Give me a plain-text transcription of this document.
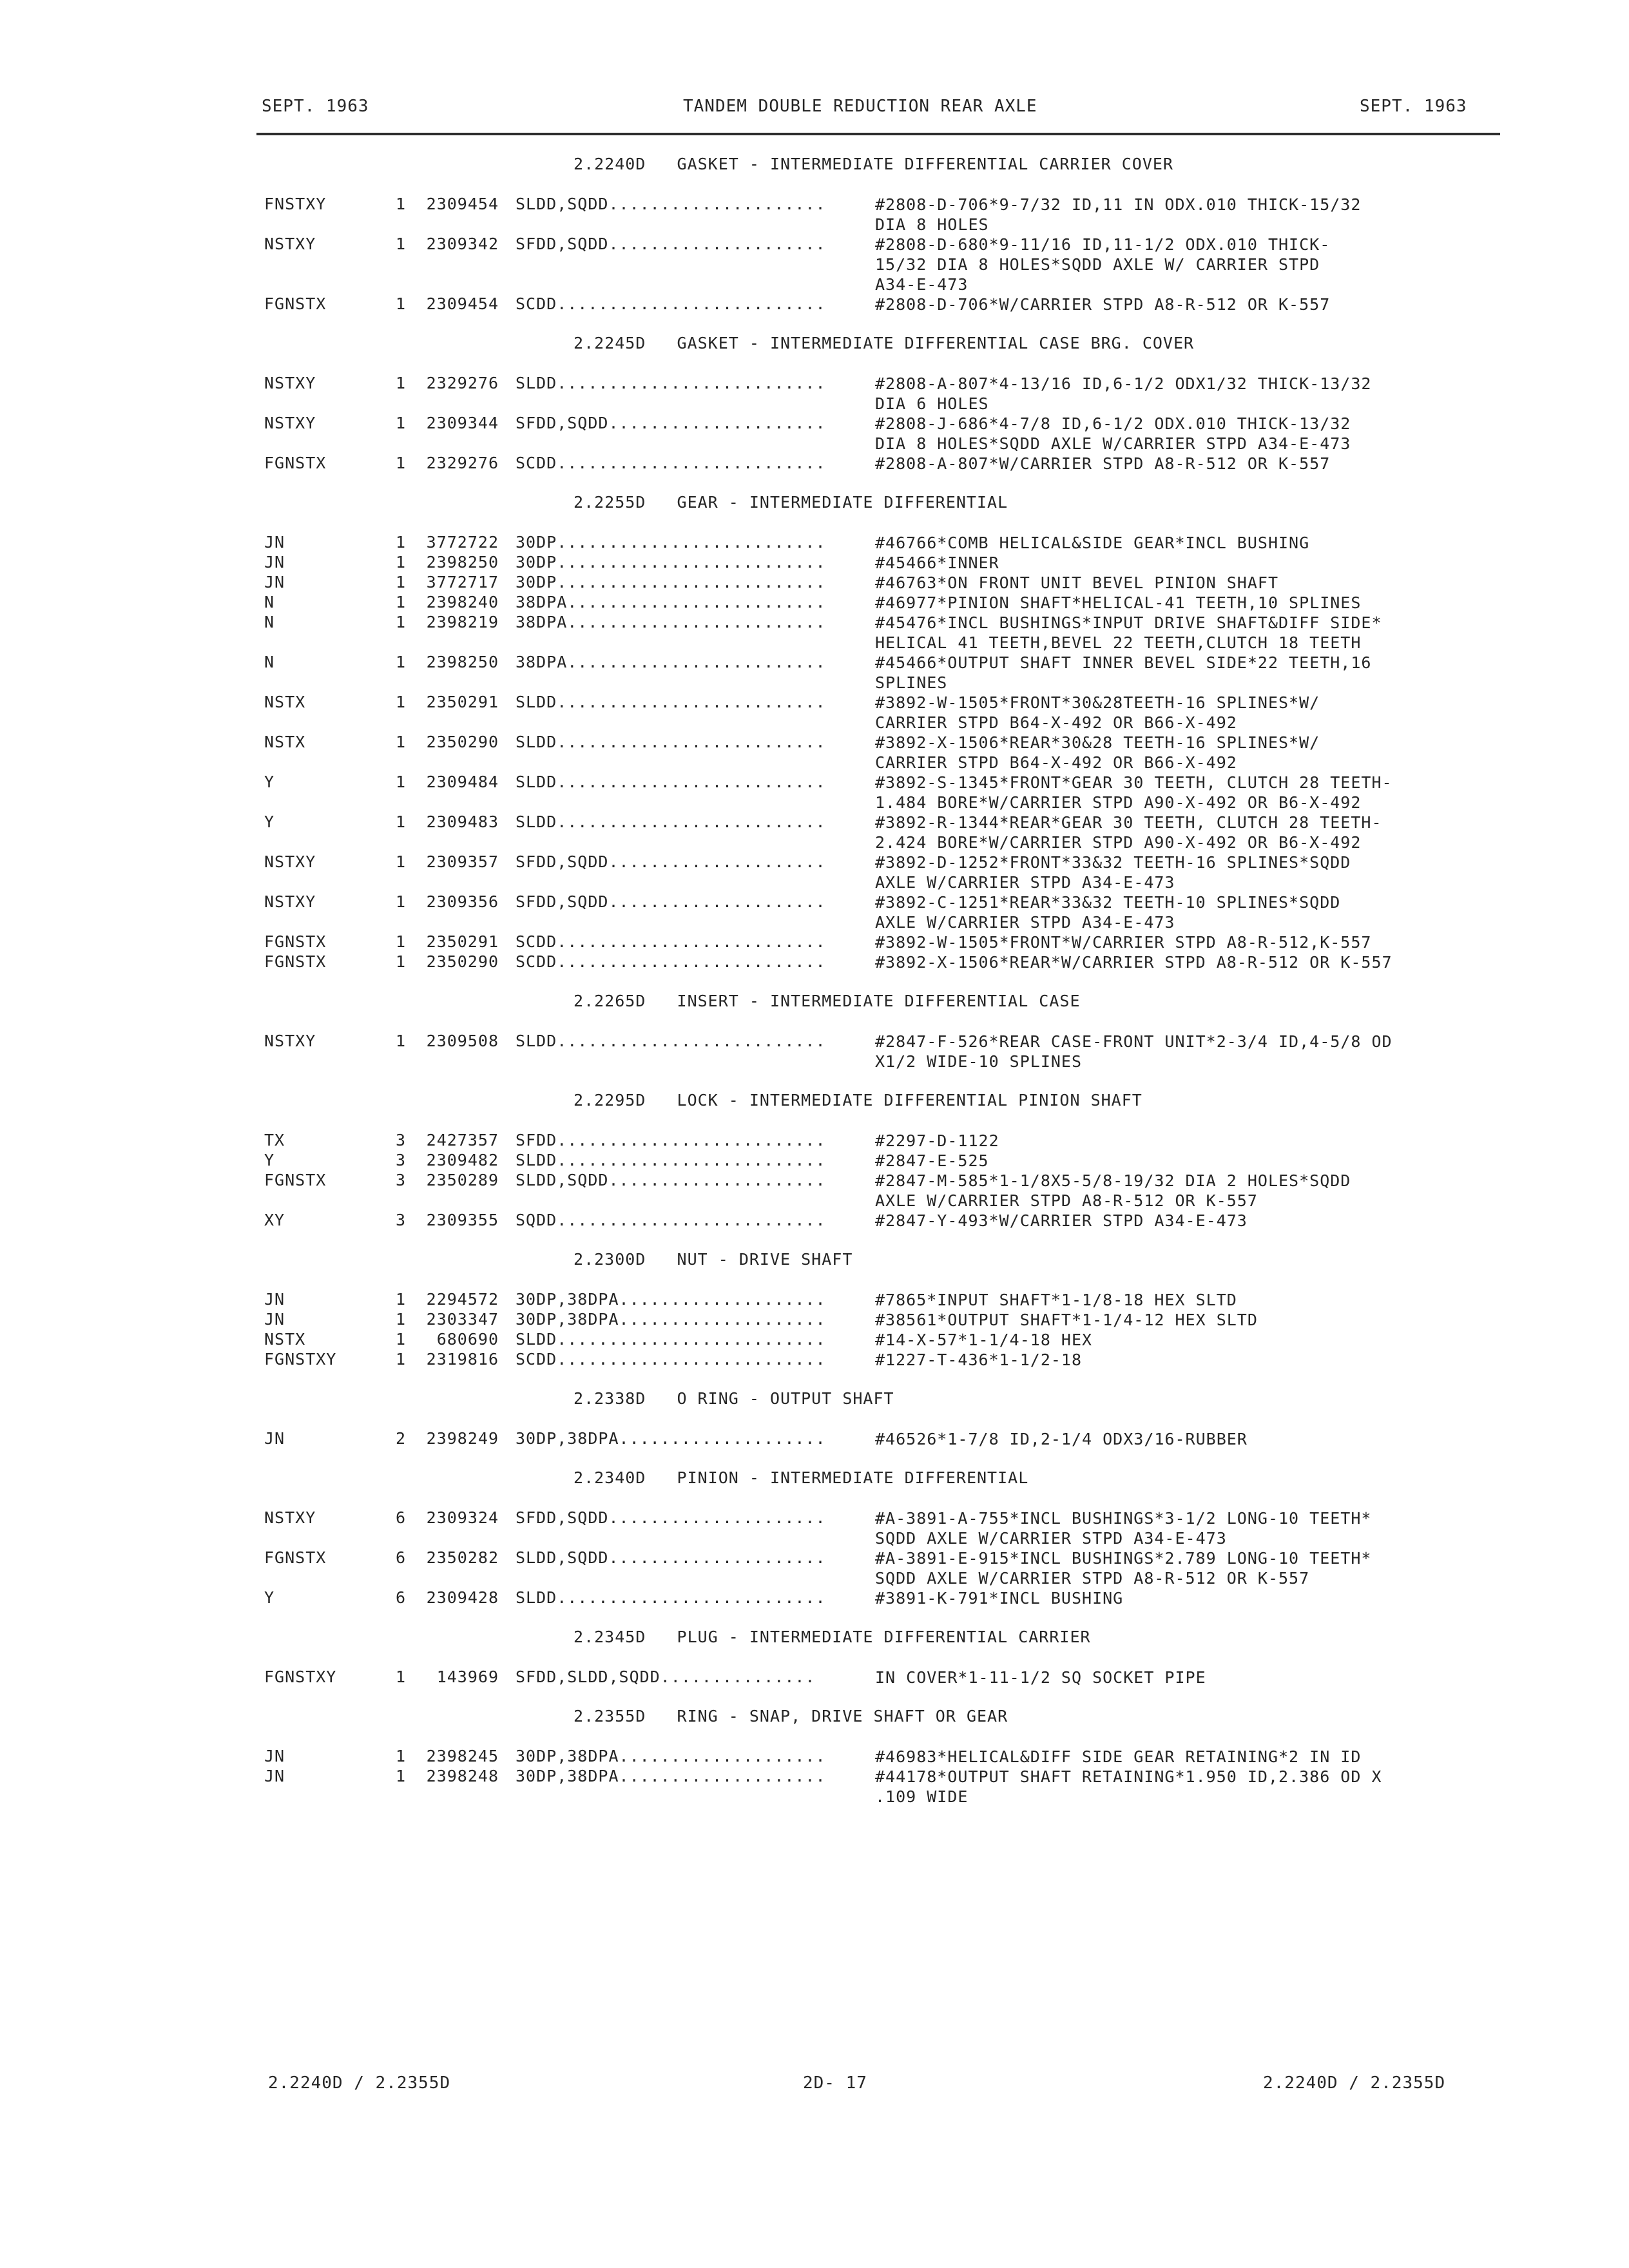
SEPT. 1963	TANDEM DOUBLE REDUCTION REAR AXLE	SEPT. 1963
2.2240D   GASKET - INTERMEDIATE DIFFERENTIAL CARRIER COVER
FNSTXY	1	2309454 SLDD,SQDD.....................	#2808-D-706*9-7/32 ID,11 IN ODX.010 THICK-15/32
DIA 8 HOLES
NSTXY	1	2309342 SFDD,SQDD.....................	#2808-D-680*9-11/16 ID,11-1/2 ODX.010 THICK-
15/32 DIA 8 HOLES*SQDD AXLE W/ CARRIER STPD
A34-E-473
FGNSTX	1	2309454 SCDD..........................	#2808-D-706*W/CARRIER STPD A8-R-512 OR K-557
2.2245D   GASKET - INTERMEDIATE DIFFERENTIAL CASE BRG. COVER
NSTXY	1	2329276 SLDD..........................	#2808-A-807*4-13/16 ID,6-1/2 ODX1/32 THICK-13/32
DIA 6 HOLES
NSTXY	1	2309344 SFDD,SQDD.....................	#2808-J-686*4-7/8 ID,6-1/2 ODX.010 THICK-13/32
DIA 8 HOLES*SQDD AXLE W/CARRIER STPD A34-E-473
FGNSTX	1	2329276 SCDD..........................	#2808-A-807*W/CARRIER STPD A8-R-512 OR K-557
2.2255D   GEAR - INTERMEDIATE DIFFERENTIAL
JN	1	3772722 30DP..........................	#46766*COMB HELICAL&SIDE GEAR*INCL BUSHING
JN	1	2398250 30DP..........................	#45466*INNER
JN	1	3772717 30DP..........................	#46763*ON FRONT UNIT BEVEL PINION SHAFT
N	1	2398240 38DPA.........................	#46977*PINION SHAFT*HELICAL-41 TEETH,10 SPLINES
N	1	2398219 38DPA.........................	#45476*INCL BUSHINGS*INPUT DRIVE SHAFT&DIFF SIDE*
HELICAL 41 TEETH,BEVEL 22 TEETH,CLUTCH 18 TEETH
N	1	2398250 38DPA.........................	#45466*OUTPUT SHAFT INNER BEVEL SIDE*22 TEETH,16
SPLINES
NSTX	1	2350291 SLDD..........................	#3892-W-1505*FRONT*30&28TEETH-16 SPLINES*W/
CARRIER STPD B64-X-492 OR B66-X-492
NSTX	1	2350290 SLDD..........................	#3892-X-1506*REAR*30&28 TEETH-16 SPLINES*W/
CARRIER STPD B64-X-492 OR B66-X-492
Y	1	2309484 SLDD..........................	#3892-S-1345*FRONT*GEAR 30 TEETH, CLUTCH 28 TEETH-
1.484 BORE*W/CARRIER STPD A90-X-492 OR B6-X-492
Y	1	2309483 SLDD..........................	#3892-R-1344*REAR*GEAR 30 TEETH, CLUTCH 28 TEETH-
2.424 BORE*W/CARRIER STPD A90-X-492 OR B6-X-492
NSTXY	1	2309357 SFDD,SQDD.....................	#3892-D-1252*FRONT*33&32 TEETH-16 SPLINES*SQDD
AXLE W/CARRIER STPD A34-E-473
NSTXY	1	2309356 SFDD,SQDD.....................	#3892-C-1251*REAR*33&32 TEETH-10 SPLINES*SQDD
AXLE W/CARRIER STPD A34-E-473
FGNSTX	1	2350291 SCDD..........................	#3892-W-1505*FRONT*W/CARRIER STPD A8-R-512,K-557
FGNSTX	1	2350290 SCDD..........................	#3892-X-1506*REAR*W/CARRIER STPD A8-R-512 OR K-557
2.2265D   INSERT - INTERMEDIATE DIFFERENTIAL CASE
NSTXY	1	2309508 SLDD..........................	#2847-F-526*REAR CASE-FRONT UNIT*2-3/4 ID,4-5/8 OD
X1/2 WIDE-10 SPLINES
2.2295D   LOCK - INTERMEDIATE DIFFERENTIAL PINION SHAFT
TX	3	2427357 SFDD..........................	#2297-D-1122
Y	3	2309482 SLDD..........................	#2847-E-525
FGNSTX	3	2350289 SLDD,SQDD.....................	#2847-M-585*1-1/8X5-5/8-19/32 DIA 2 HOLES*SQDD
AXLE W/CARRIER STPD A8-R-512 OR K-557
XY	3	2309355 SQDD..........................	#2847-Y-493*W/CARRIER STPD A34-E-473
2.2300D   NUT - DRIVE SHAFT
JN	1	2294572 30DP,38DPA....................	#7865*INPUT SHAFT*1-1/8-18 HEX SLTD
JN	1	2303347 30DP,38DPA....................	#38561*OUTPUT SHAFT*1-1/4-12 HEX SLTD
NSTX	1	680690 SLDD..........................	#14-X-57*1-1/4-18 HEX
FGNSTXY	1	2319816 SCDD..........................	#1227-T-436*1-1/2-18
2.2338D   O RING - OUTPUT SHAFT
JN	2	2398249 30DP,38DPA....................	#46526*1-7/8 ID,2-1/4 ODX3/16-RUBBER
2.2340D   PINION - INTERMEDIATE DIFFERENTIAL
NSTXY	6	2309324 SFDD,SQDD.....................	#A-3891-A-755*INCL BUSHINGS*3-1/2 LONG-10 TEETH*
SQDD AXLE W/CARRIER STPD A34-E-473
FGNSTX	6	2350282 SLDD,SQDD.....................	#A-3891-E-915*INCL BUSHINGS*2.789 LONG-10 TEETH*
SQDD AXLE W/CARRIER STPD A8-R-512 OR K-557
Y	6	2309428 SLDD..........................	#3891-K-791*INCL BUSHING
2.2345D   PLUG - INTERMEDIATE DIFFERENTIAL CARRIER
FGNSTXY	1	143969 SFDD,SLDD,SQDD...............	IN COVER*1-11-1/2 SQ SOCKET PIPE
2.2355D   RING - SNAP, DRIVE SHAFT OR GEAR
JN	1	2398245 30DP,38DPA....................	#46983*HELICAL&DIFF SIDE GEAR RETAINING*2 IN ID
JN	1	2398248 30DP,38DPA....................	#44178*OUTPUT SHAFT RETAINING*1.950 ID,2.386 OD X
.109 WIDE
2.2240D / 2.2355D	2D- 17	2.2240D / 2.2355D
